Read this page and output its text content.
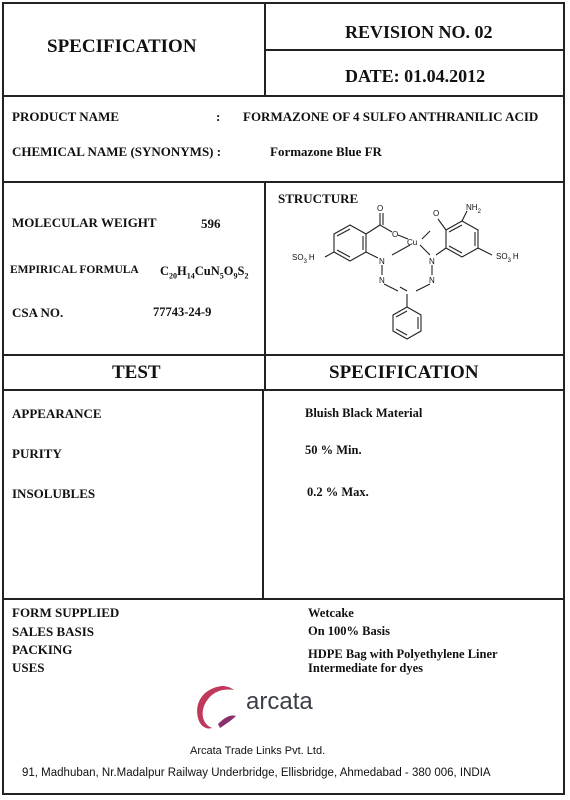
SPECIFICATION
REVISION NO. 02
DATE: 01.04.2012
PRODUCT NAME	: FORMAZONE OF 4 SULFO ANTHRANILIC ACID
CHEMICAL NAME (SYNONYMS) :	Formazone Blue FR
MOLECULAR WEIGHT	596
EMPIRICAL FORMULA $C_{20}H_{14}CuN_5O_9S_2$
CSA NO.	77743-24-9
STRUCTURE
O
O
Cu
O
$NH_2$
$SO_3$ H	$SO_3$ H
N
N	N
N
TEST	SPECIFICATION
APPEARANCE	Bluish Black Material
PURITY	50 % Min.
INSOLUBLES	0.2 % Max.
FORM SUPPLIED	Wetcake
SALES BASIS	On 100% Basis
PACKING	HDPE Bag with Polyethylene Liner
USES	Intermediate for dyes
arcata
Arcata Trade Links Pvt. Ltd.
91, Madhuban, Nr.Madalpur Railway Underbridge, Ellisbridge, Ahmedabad - 380 006, INDIA
